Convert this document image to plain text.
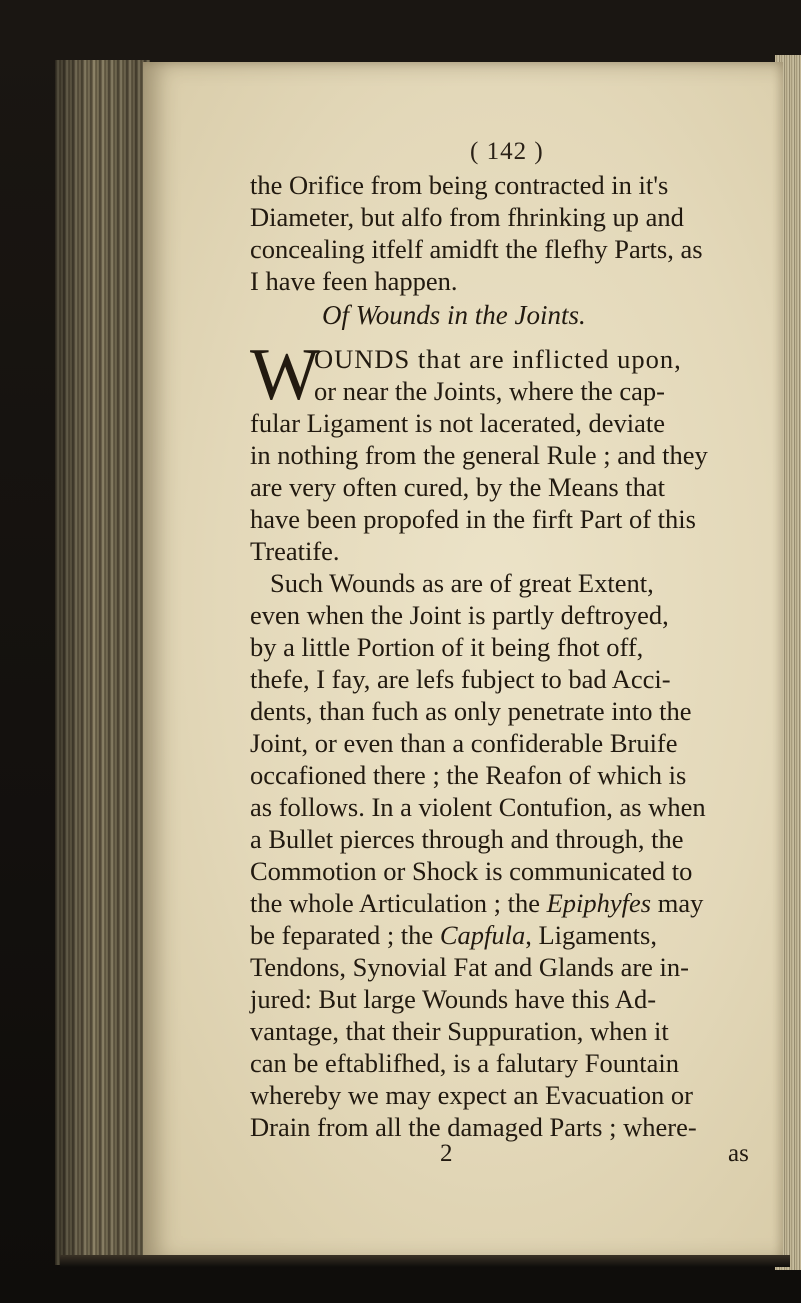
( 142 )
the Orifice from being contracted in it's
Diameter, but alfo from fhrinking up and
concealing itfelf amidft the flefhy Parts, as
I have feen happen.
Of Wounds in the Joints.
W
OUNDS that are inflicted upon,
or near the Joints, where the cap-
fular Ligament is not lacerated, deviate
in nothing from the general Rule ; and they
are very often cured, by the Means that
have been propofed in the firft Part of this
Treatife.
Such Wounds as are of great Extent,
even when the Joint is partly deftroyed,
by a little Portion of it being fhot off,
thefe, I fay, are lefs fubject to bad Acci-
dents, than fuch as only penetrate into the
Joint, or even than a confiderable Bruife
occafioned there ; the Reafon of which is
as follows. In a violent Contufion, as when
a Bullet pierces through and through, the
Commotion or Shock is communicated to
the whole Articulation ; the Epiphyfes may
be feparated ; the Capfula, Ligaments,
Tendons, Synovial Fat and Glands are in-
jured: But large Wounds have this Ad-
vantage, that their Suppuration, when it
can be eftablifhed, is a falutary Fountain
whereby we may expect an Evacuation or
Drain from all the damaged Parts ; where-
2	as
